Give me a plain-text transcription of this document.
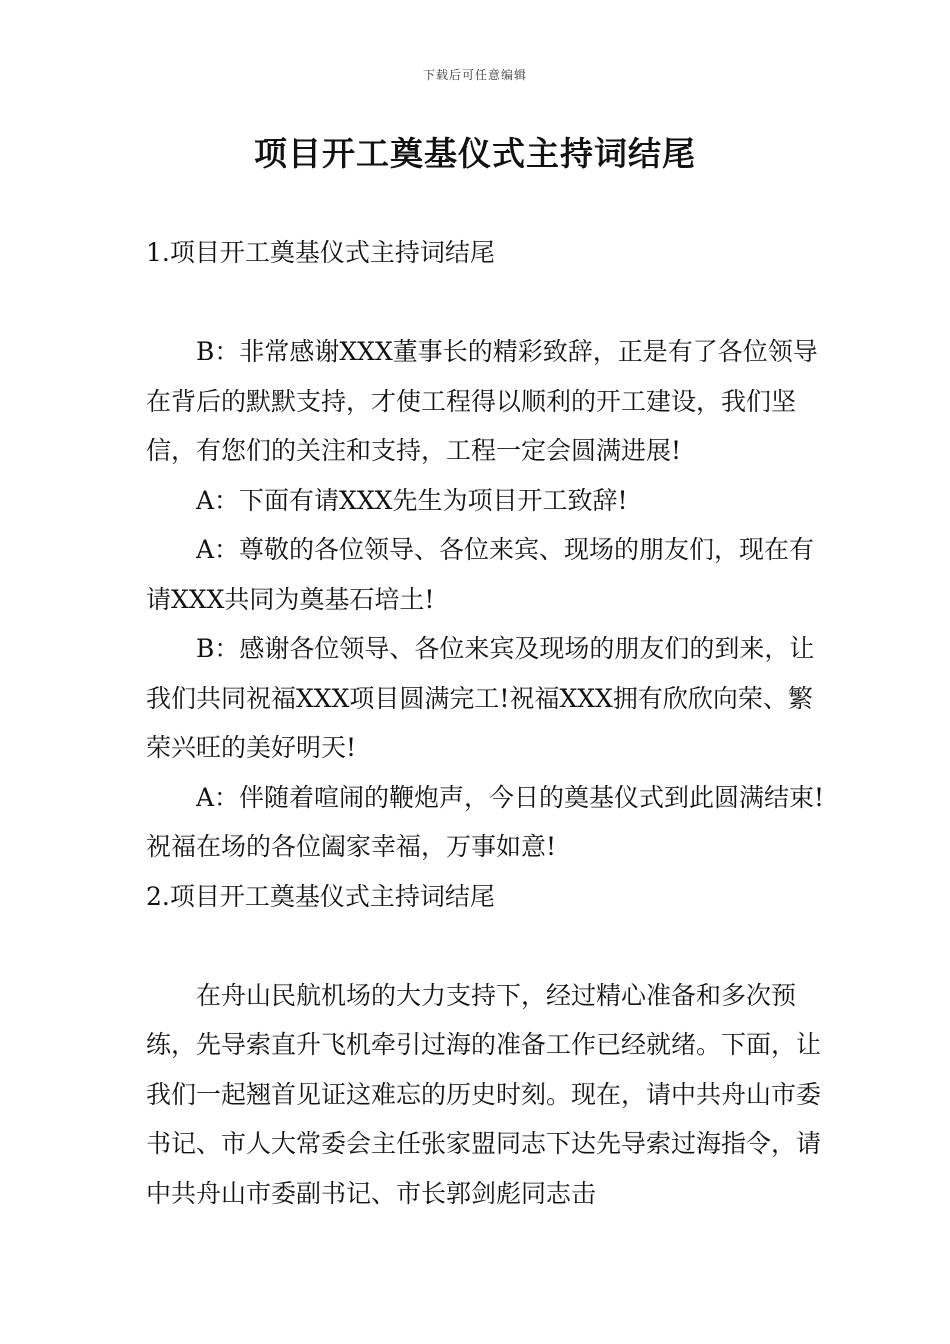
下载后可任意编辑
项目开工奠基仪式主持词结尾

1.项目开工奠基仪式主持词结尾

B：非常感谢XXX董事长的精彩致辞，正是有了各位领导在背后的默默支持，才使工程得以顺利的开工建设，我们坚信，有您们的关注和支持，工程一定会圆满进展!

A：下面有请XXX先生为项目开工致辞!

A：尊敬的各位领导、各位来宾、现场的朋友们，现在有请XXX共同为奠基石培土!

B：感谢各位领导、各位来宾及现场的朋友们的到来，让我们共同祝福XXX项目圆满完工!祝福XXX拥有欣欣向荣、繁荣兴旺的美好明天!

A：伴随着喧闹的鞭炮声，今日的奠基仪式到此圆满结束!祝福在场的各位阖家幸福，万事如意!

2.项目开工奠基仪式主持词结尾

在舟山民航机场的大力支持下，经过精心准备和多次预练，先导索直升飞机牵引过海的准备工作已经就绪。下面，让我们一起翘首见证这难忘的历史时刻。现在，请中共舟山市委书记、市人大常委会主任张家盟同志下达先导索过海指令，请中共舟山市委副书记、市长郭剑彪同志击
